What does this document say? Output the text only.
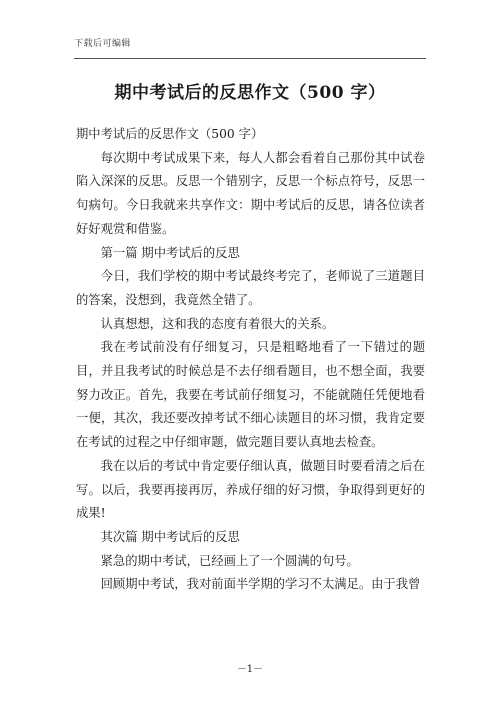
下载后可编辑
期中考试后的反思作文（500 字）

期中考试后的反思作文（500 字）

每次期中考试成果下来，每人人都会看着自己那份其中试卷陷入深深的反思。反思一个错别字，反思一个标点符号，反思一句病句。今日我就来共享作文：期中考试后的反思，请各位读者好好观赏和借鉴。

第一篇 期中考试后的反思

今日，我们学校的期中考试最终考完了，老师说了三道题目的答案，没想到，我竟然全错了。

认真想想，这和我的态度有着很大的关系。

我在考试前没有仔细复习，只是粗略地看了一下错过的题目，并且我考试的时候总是不去仔细看题目，也不想全面，我要努力改正。首先，我要在考试前仔细复习，不能就随任凭便地看一便，其次，我还要改掉考试不细心读题目的坏习惯，我肯定要在考试的过程之中仔细审题，做完题目要认真地去检查。

我在以后的考试中肯定要仔细认真，做题目时要看清之后在写。以后，我要再接再厉，养成仔细的好习惯，争取得到更好的成果!

其次篇 期中考试后的反思

紧急的期中考试，已经画上了一个圆满的句号。

回顾期中考试，我对前面半学期的学习不太满足。由于我曾

－1－
